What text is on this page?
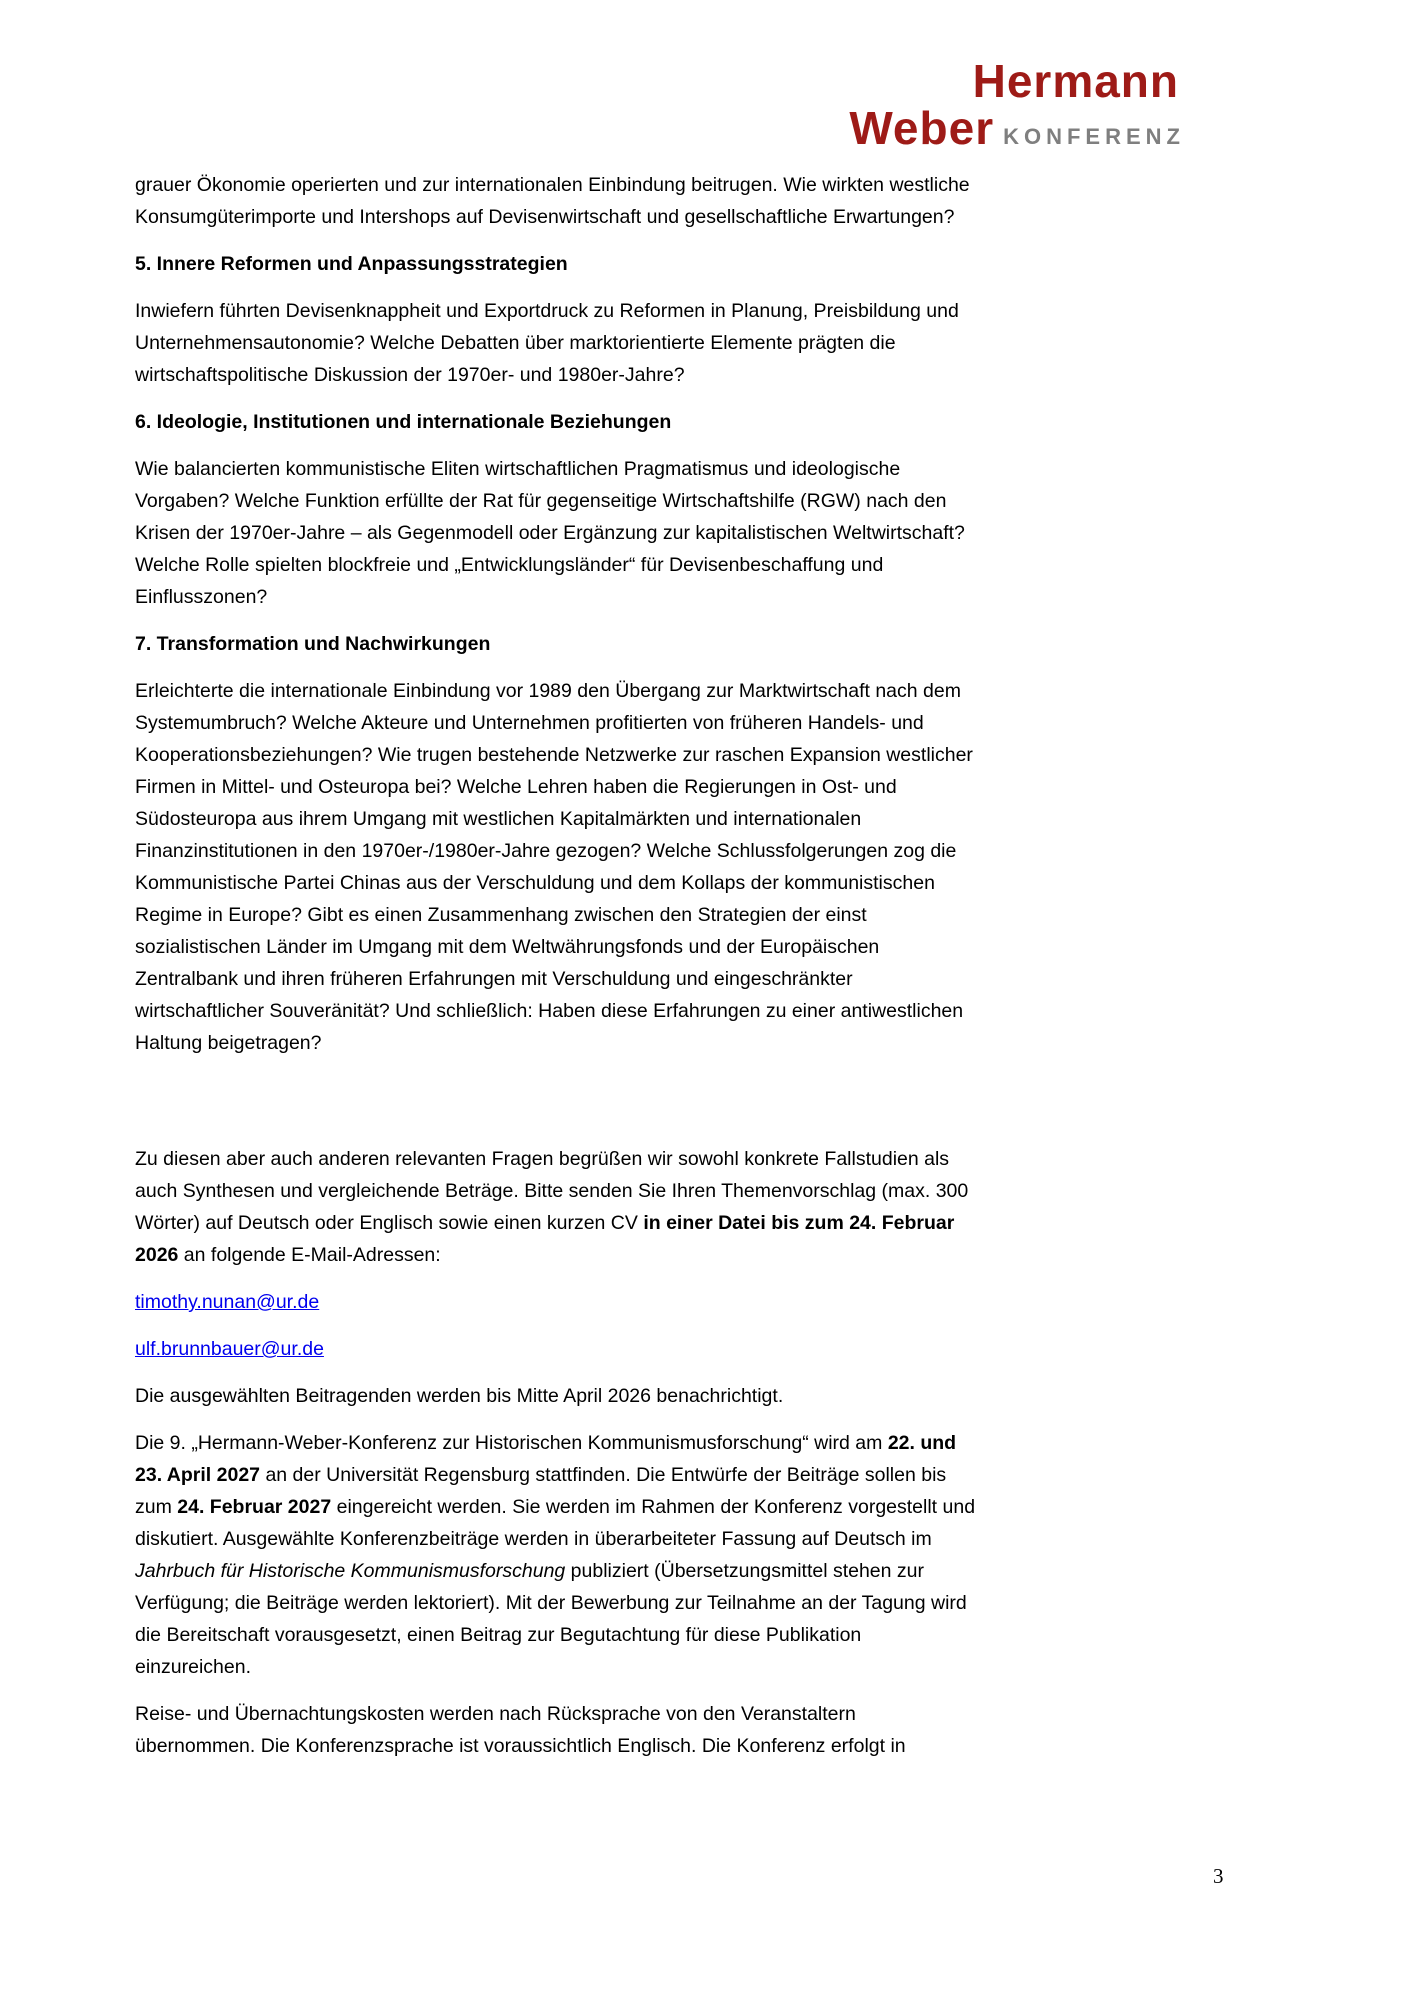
Hermann
Weber KONFERENZ

grauer Ökonomie operierten und zur internationalen Einbindung beitrugen. Wie wirkten westliche Konsumgüterimporte und Intershops auf Devisenwirtschaft und gesellschaftliche Erwartungen?

5. Innere Reformen und Anpassungsstrategien

Inwiefern führten Devisenknappheit und Exportdruck zu Reformen in Planung, Preisbildung und Unternehmensautonomie? Welche Debatten über marktorientierte Elemente prägten die wirtschaftspolitische Diskussion der 1970er- und 1980er-Jahre?

6. Ideologie, Institutionen und internationale Beziehungen

Wie balancierten kommunistische Eliten wirtschaftlichen Pragmatismus und ideologische Vorgaben? Welche Funktion erfüllte der Rat für gegenseitige Wirtschaftshilfe (RGW) nach den Krisen der 1970er-Jahre – als Gegenmodell oder Ergänzung zur kapitalistischen Weltwirtschaft? Welche Rolle spielten blockfreie und „Entwicklungsländer“ für Devisenbeschaffung und Einflusszonen?

7. Transformation und Nachwirkungen

Erleichterte die internationale Einbindung vor 1989 den Übergang zur Marktwirtschaft nach dem Systemumbruch? Welche Akteure und Unternehmen profitierten von früheren Handels- und Kooperationsbeziehungen? Wie trugen bestehende Netzwerke zur raschen Expansion westlicher Firmen in Mittel- und Osteuropa bei? Welche Lehren haben die Regierungen in Ost- und Südosteuropa aus ihrem Umgang mit westlichen Kapitalmärkten und internationalen Finanzinstitutionen in den 1970er-/1980er-Jahre gezogen? Welche Schlussfolgerungen zog die Kommunistische Partei Chinas aus der Verschuldung und dem Kollaps der kommunistischen Regime in Europe? Gibt es einen Zusammenhang zwischen den Strategien der einst sozialistischen Länder im Umgang mit dem Weltwährungsfonds und der Europäischen Zentralbank und ihren früheren Erfahrungen mit Verschuldung und eingeschränkter wirtschaftlicher Souveränität? Und schließlich: Haben diese Erfahrungen zu einer antiwestlichen Haltung beigetragen?

Zu diesen aber auch anderen relevanten Fragen begrüßen wir sowohl konkrete Fallstudien als auch Synthesen und vergleichende Beträge. Bitte senden Sie Ihren Themenvorschlag (max. 300 Wörter) auf Deutsch oder Englisch sowie einen kurzen CV in einer Datei bis zum 24. Februar 2026 an folgende E-Mail-Adressen:

timothy.nunan@ur.de

ulf.brunnbauer@ur.de

Die ausgewählten Beitragenden werden bis Mitte April 2026 benachrichtigt.

Die 9. „Hermann-Weber-Konferenz zur Historischen Kommunismusforschung“ wird am 22. und 23. April 2027 an der Universität Regensburg stattfinden. Die Entwürfe der Beiträge sollen bis zum 24. Februar 2027 eingereicht werden. Sie werden im Rahmen der Konferenz vorgestellt und diskutiert. Ausgewählte Konferenzbeiträge werden in überarbeiteter Fassung auf Deutsch im Jahrbuch für Historische Kommunismusforschung publiziert (Übersetzungsmittel stehen zur Verfügung; die Beiträge werden lektoriert). Mit der Bewerbung zur Teilnahme an der Tagung wird die Bereitschaft vorausgesetzt, einen Beitrag zur Begutachtung für diese Publikation einzureichen.

Reise- und Übernachtungskosten werden nach Rücksprache von den Veranstaltern übernommen. Die Konferenzsprache ist voraussichtlich Englisch. Die Konferenz erfolgt in

3
